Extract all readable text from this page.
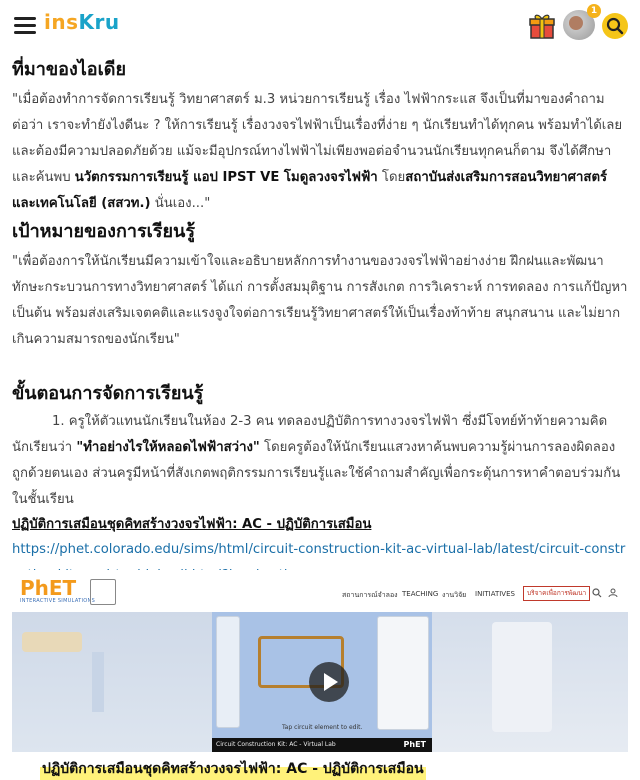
insKru	1
ที่มาของไอเดีย

"เมื่อต้องทำการจัดการเรียนรู้ วิทยาศาสตร์ ม.3 หน่วยการเรียนรู้ เรื่อง ไฟฟ้ากระแส จึงเป็นที่มาของคำถามต่อว่า เราจะทำยังไงดีนะ ? ให้การเรียนรู้ เรื่องวงจรไฟฟ้าเป็นเรื่องที่ง่าย ๆ นักเรียนทำได้ทุกคน พร้อมทำได้เลย และต้องมีความปลอดภัยด้วย แม้จะมีอุปกรณ์ทางไฟฟ้าไม่เพียงพอต่อจำนวนนักเรียนทุกคนก็ตาม จึงได้ศึกษาและค้นพบ นวัตกรรมการเรียนรู้ แอป IPST VE โมดูลวงจรไฟฟ้า โดยสถาบันส่งเสริมการสอนวิทยาศาสตร์และเทคโนโลยี (สสวท.) นั่นเอง..."

เป้าหมายของการเรียนรู้

"เพื่อต้องการให้นักเรียนมีความเข้าใจและอธิบายหลักการทำงานของวงจรไฟฟ้าอย่างง่าย ฝึกฝนและพัฒนาทักษะกระบวนการทางวิทยาศาสตร์ ได้แก่ การตั้งสมมุติฐาน การสังเกต การวิเคราะห์ การทดลอง การแก้ปัญหา เป็นต้น พร้อมส่งเสริมเจตคติและแรงจูงใจต่อการเรียนรู้วิทยาศาสตร์ให้เป็นเรื่องท้าท้าย สนุกสนาน และไม่ยากเกินความสมารถของนักเรียน"

ขั้นตอนการจัดการเรียนรู้

1. ครูให้ตัวแทนนักเรียนในห้อง 2-3 คน ทดลองปฏิบัติการทางวงจรไฟฟ้า ซึ่งมีโจทย์ท้าท้ายความคิดนักเรียนว่า "ทำอย่างไรให้หลอดไฟฟ้าสว่าง" โดยครูต้องให้นักเรียนแสวงหาค้นพบความรู้ผ่านการลองผิดลองถูกด้วยตนเอง ส่วนครูมีหน้าที่สังเกตพฤติกรรมการเรียนรู้และใช้คำถามสำคัญเพื่อกระตุ้นการหาคำตอบร่วมกันในชั้นเรียน

ปฏิบัติการเสมือนชุดคิทสร้างวงจรไฟฟ้า: AC - ปฏิบัติการเสมือน
https://phet.colorado.edu/sims/html/circuit-construction-kit-ac-virtual-lab/latest/circuit-constr
PhET
INTERACTIVE SIMULATIONS
สถานการณ์จำลอง TEACHING งานวิจัย INITIATIVES	บริจาคเพื่อการพัฒนา
Tap circuit element to edit.
Circuit Construction Kit: AC - Virtual Lab	PhET
ปฏิบัติการเสมือนชุดคิทสร้างวงจรไฟฟ้า: AC - ปฏิบัติการเสมือน
